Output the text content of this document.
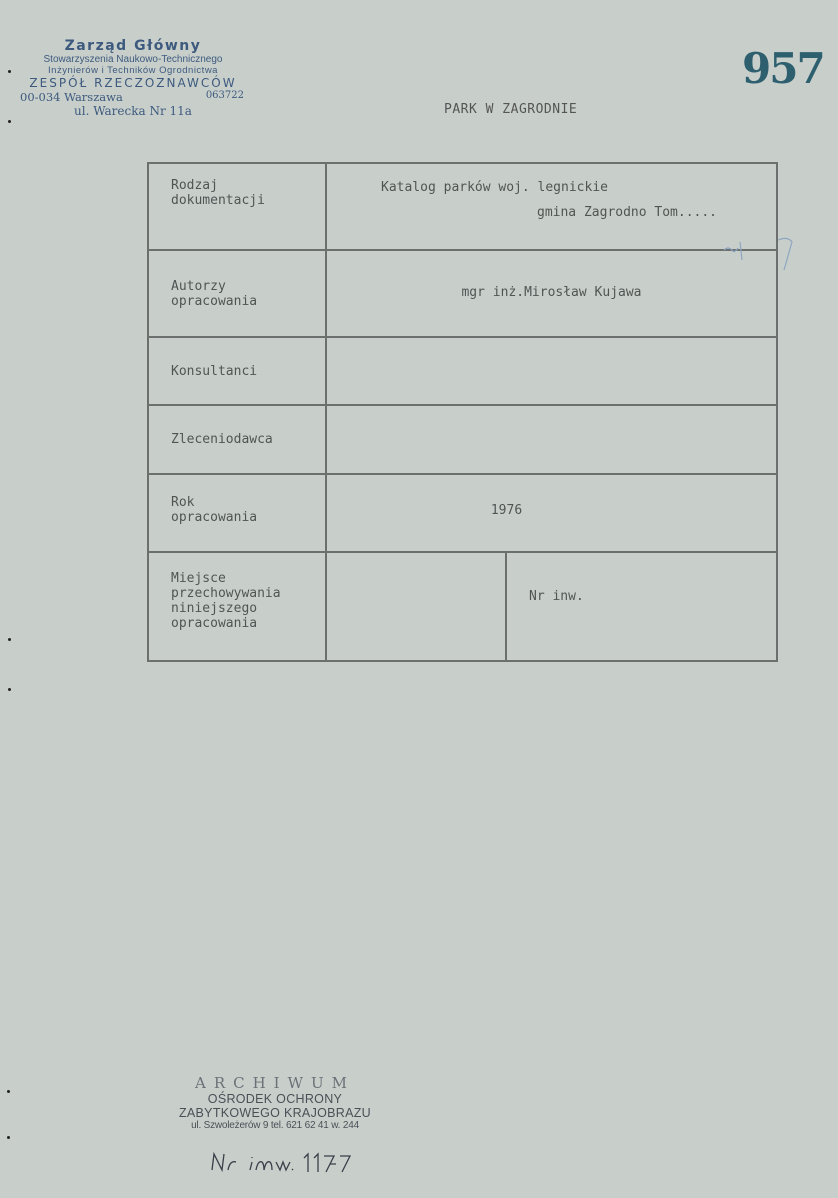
Zarząd Główny
Stowarzyszenia Naukowo-Technicznego
Inżynierów i Techników Ogrodnictwa
ZESPÓŁ RZECZOZNAWCÓW
00-034 Warszawa	063722
ul. Warecka Nr 11a
957
PARK W ZAGRODNIE
Rodzaj
dokumentacji
Katalog parków woj. legnickie
gmina Zagrodno Tom.....
Autorzy
opracowania
mgr inż.Mirosław Kujawa
Konsultanci
Zleceniodawca
Rok
opracowania	1976
Miejsce
przechowywania
niniejszego
opracowania
Nr inw.
ARCHIWUM
OŚRODEK OCHRONY
ZABYTKOWEGO KRAJOBRAZU
ul. Szwoleżerów 9 tel. 621 62 41 w. 244
